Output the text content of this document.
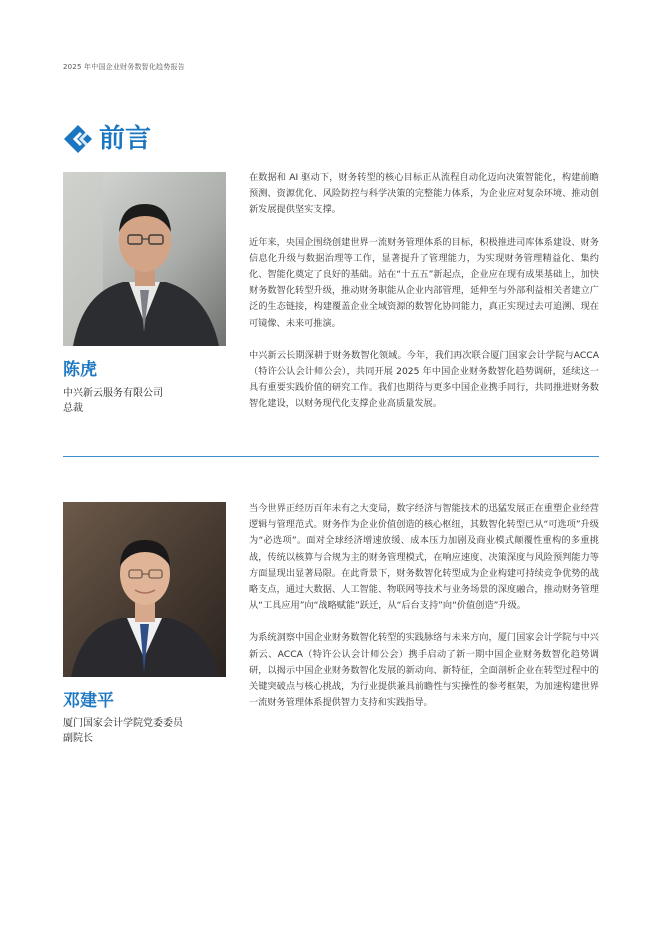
2025 年中国企业财务数智化趋势报告
前言
陈虎
中兴新云服务有限公司
总裁

在数据和 AI 驱动下，财务转型的核心目标正从流程自动化迈向决策智能化，构建前瞻预测、资源优化、风险防控与科学决策的完整能力体系，为企业应对复杂环境、推动创新发展提供坚实支撑。

近年来，央国企围绕创建世界一流财务管理体系的目标，积极推进司库体系建设、财务信息化升级与数据治理等工作，显著提升了管理能力，为实现财务管理精益化、集约化、智能化奠定了良好的基础。站在“十五五”新起点，企业应在现有成果基础上，加快财务数智化转型升级，推动财务职能从企业内部管理，延伸至与外部利益相关者建立广泛的生态链接，构建覆盖企业全域资源的数智化协同能力，真正实现过去可追溯、现在可镜像、未来可推演。

中兴新云长期深耕于财务数智化领域。今年，我们再次联合厦门国家会计学院与ACCA（特许公认会计师公会），共同开展 2025 年中国企业财务数智化趋势调研，延续这一具有重要实践价值的研究工作。我们也期待与更多中国企业携手同行，共同推进财务数智化建设，以财务现代化支撑企业高质量发展。

邓建平
厦门国家会计学院党委委员
副院长

当今世界正经历百年未有之大变局，数字经济与智能技术的迅猛发展正在重塑企业经营逻辑与管理范式。财务作为企业价值创造的核心枢纽，其数智化转型已从“可选项”升级为“必选项”。面对全球经济增速放缓、成本压力加剧及商业模式颠覆性重构的多重挑战，传统以核算与合规为主的财务管理模式，在响应速度、决策深度与风险预判能力等方面显现出显著局限。在此背景下，财务数智化转型成为企业构建可持续竞争优势的战略支点，通过大数据、人工智能、物联网等技术与业务场景的深度融合，推动财务管理从“工具应用”向“战略赋能”跃迁，从“后台支持”向“价值创造”升级。

为系统洞察中国企业财务数智化转型的实践脉络与未来方向，厦门国家会计学院与中兴新云、ACCA（特许公认会计师公会）携手启动了新一期中国企业财务数智化趋势调研，以揭示中国企业财务数智化发展的新动向、新特征，全面剖析企业在转型过程中的关键突破点与核心挑战，为行业提供兼具前瞻性与实操性的参考框架，为加速构建世界一流财务管理体系提供智力支持和实践指导。
